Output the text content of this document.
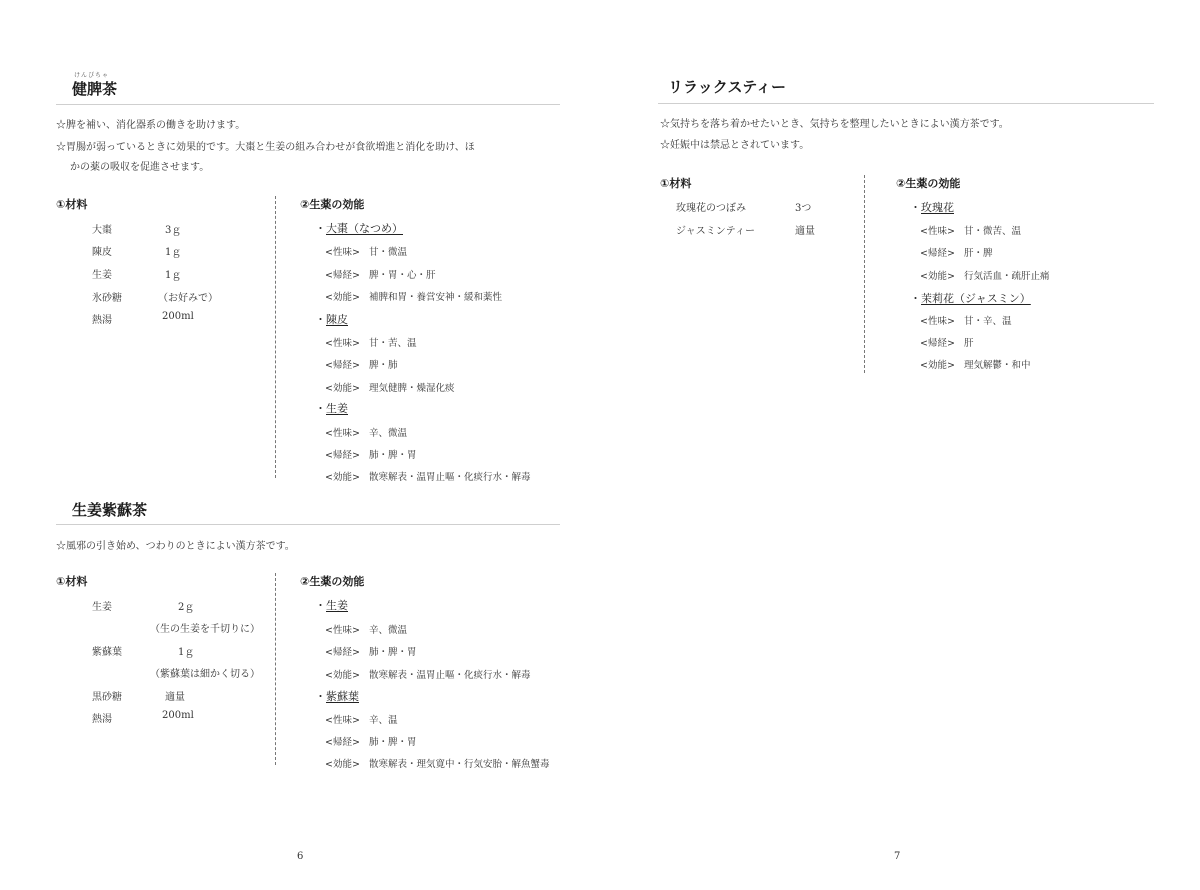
けんぴちゃ
健脾茶
☆脾を補い、消化器系の働きを助けます。
☆胃腸が弱っているときに効果的です。大棗と生姜の組み合わせが食欲増進と消化を助け、ほ
かの薬の吸収を促進させます。
①材料
大棗	3ｇ
陳皮	1ｇ
生姜	1ｇ
氷砂糖	（お好みで）
熱湯	200ml
②生薬の効能
・大棗（なつめ）
<性味> 甘・微温
<帰経> 脾・胃・心・肝
<効能> 補脾和胃・養営安神・緩和薬性
・陳皮
<性味> 甘・苦、温
<帰経> 脾・肺
<効能> 理気健脾・燥湿化痰
・生姜
<性味> 辛、微温
<帰経> 肺・脾・胃
<効能> 散寒解表・温胃止嘔・化痰行水・解毒
生姜紫蘇茶
☆風邪の引き始め、つわりのときによい漢方茶です。
①材料
生姜	2ｇ
（生の生姜を千切りに）
紫蘇葉	1ｇ
（紫蘇葉は細かく切る）
黒砂糖	適量
熱湯	200ml
②生薬の効能
・生姜
<性味> 辛、微温
<帰経> 肺・脾・胃
<効能> 散寒解表・温胃止嘔・化痰行水・解毒
・紫蘇葉
<性味> 辛、温
<帰経> 肺・脾・胃
<効能> 散寒解表・理気寛中・行気安胎・解魚蟹毒
6
リラックスティー
☆気持ちを落ち着かせたいとき、気持ちを整理したいときによい漢方茶です。
☆妊娠中は禁忌とされています。
①材料
玫瑰花のつぼみ	3つ
ジャスミンティー	適量
②生薬の効能
・玫瑰花
<性味> 甘・微苦、温
<帰経> 肝・脾
<効能> 行気活血・疏肝止痛
・茉莉花（ジャスミン）
<性味> 甘・辛、温
<帰経> 肝
<効能> 理気解鬱・和中
7
